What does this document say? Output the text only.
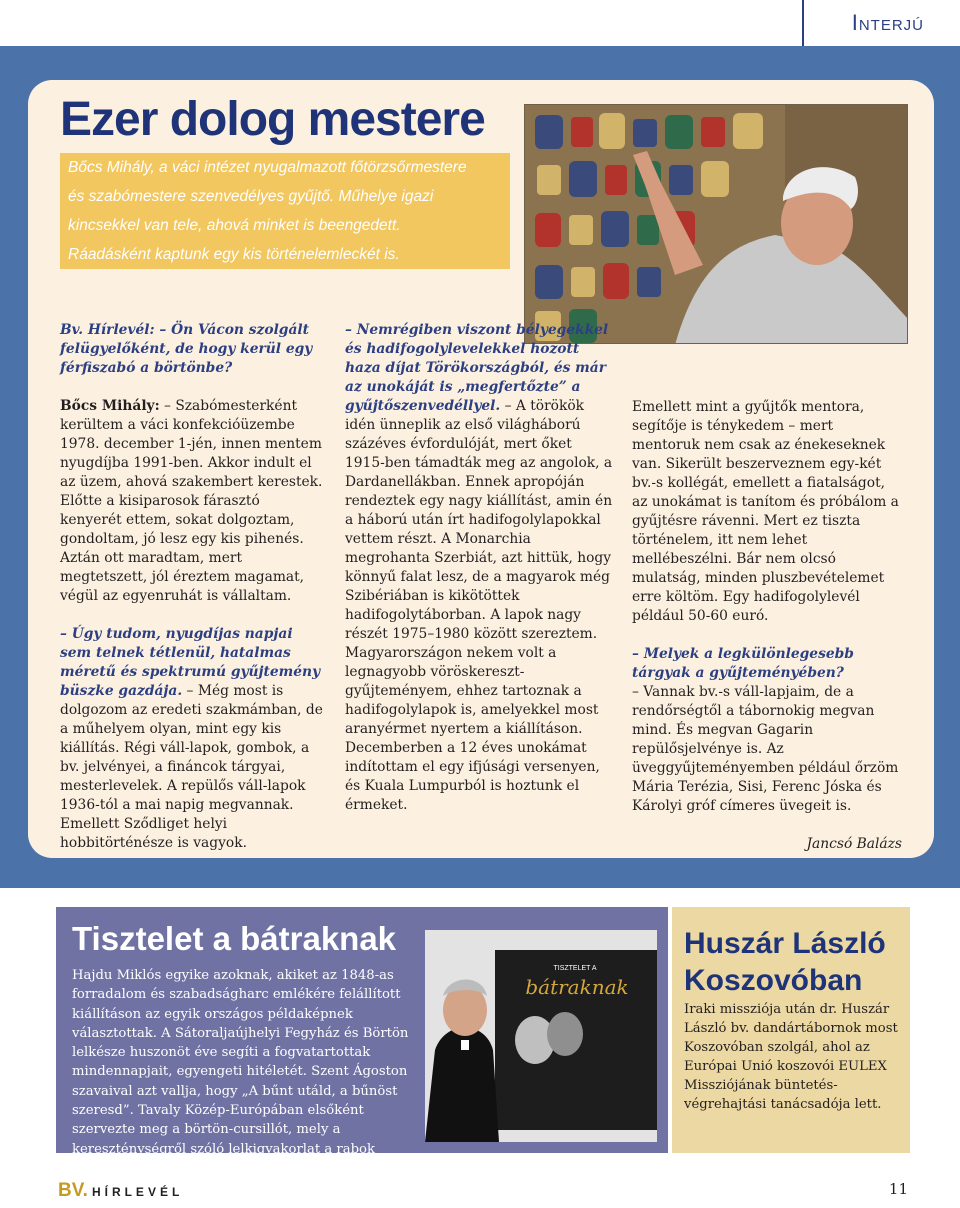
Interjú
Ezer dolog mestere
Bőcs Mihály, a váci intézet nyugalmazott főtörzsőrmestere
és szabómestere szenvedélyes gyűjtő. Műhelye igazi
kincsekkel van tele, ahová minket is beengedett.
Ráadásként kaptunk egy kis történelemleckét is.

Bv. Hírlevél: – Ön Vácon szolgált felügyelőként, de hogy kerül egy férfiszabó a börtönbe?

Bőcs Mihály: – Szabómesterként kerültem a váci konfekcióüzembe 1978. december 1-jén, innen mentem nyugdíjba 1991-ben. Akkor indult el az üzem, ahová szakembert kerestek. Előtte a kisiparosok fárasztó kenyerét ettem, sokat dolgoztam, gondoltam, jó lesz egy kis pihenés. Aztán ott maradtam, mert megtetszett, jól éreztem magamat, végül az egyenruhát is vállaltam.

– Úgy tudom, nyugdíjas napjai sem telnek tétlenül, hatalmas méretű és spektrumú gyűjtemény büszke gazdája. – Még most is dolgozom az eredeti szakmámban, de a műhelyem olyan, mint egy kis kiállítás. Régi váll-lapok, gombok, a bv. jelvényei, a fináncok tárgyai, mesterlevelek. A repülős váll-lapok 1936-tól a mai napig megvannak. Emellett Sződliget helyi hobbitörténésze is vagyok.

– Nemrégiben viszont bélyegekkel és hadifogolylevelekkel hozott haza díjat Törökországból, és már az unokáját is „megfertőzte” a gyűjtőszenvedéllyel. – A törökök idén ünneplik az első világháború százéves évfordulóját, mert őket 1915-ben támadták meg az angolok, a Dardanellákban. Ennek apropóján rendeztek egy nagy kiállítást, amin én a háború után írt hadifogolylapokkal vettem részt. A Monarchia megrohanta Szerbiát, azt hittük, hogy könnyű falat lesz, de a magyarok még Szibériában is kikötöttek hadifogolytáborban. A lapok nagy részét 1975–1980 között szereztem. Magyarországon nekem volt a legnagyobb vöröskereszt-gyűjteményem, ehhez tartoznak a hadifogolylapok is, amelyekkel most aranyérmet nyertem a kiállításon. Decemberben a 12 éves unokámat indítottam el egy ifjúsági versenyen, és Kuala Lumpurból is hoztunk el érmeket.

Emellett mint a gyűjtők mentora, segítője is ténykedem – mert mentoruk nem csak az énekeseknek van. Sikerült beszerveznem egy-két bv.-s kollégát, emellett a fiatalságot, az unokámat is tanítom és próbálom a gyűjtésre rávenni. Mert ez tiszta történelem, itt nem lehet mellébeszélni. Bár nem olcsó mulatság, minden pluszbevételemet erre költöm. Egy hadifogolylevél például 50-60 euró.

– Melyek a legkülönlegesebb tárgyak a gyűjteményében?
– Vannak bv.-s váll-lapjaim, de a rendőrségtől a tábornokig megvan mind. És megvan Gagarin repülősjelvénye is. Az üveggyűjteményemben például őrzöm Mária Terézia, Sisi, Ferenc Jóska és Károlyi gróf címeres üvegeit is.

Jancsó Balázs

Tisztelet a bátraknak
Hajdu Miklós egyike azoknak, akiket az 1848-as forradalom és szabadságharc emlékére felállított kiállításon az egyik országos példaképnek választottak. A Sátoraljaújhelyi Fegyház és Börtön lelkésze huszonöt éve segíti a fogvatartottak mindennapjait, egyengeti hitéletét. Szent Ágoston szavaival azt vallja, hogy „A bűnt utáld, a bűnöst szeresd”. Tavaly Közép-Európában elsőként szervezte meg a börtön-cursillót, mely a kereszténységről szóló lelkigyakorlat a rabok számára.
TISZTELET A
bátraknak
Huszár László Koszovóban
Iraki missziója után dr. Huszár László bv. dandártábornok most Koszovóban szolgál, ahol az Európai Unió koszovói EULEX Missziójának büntetés-végrehajtási tanácsadója lett.
BV. HÍRLEVÉL	11
